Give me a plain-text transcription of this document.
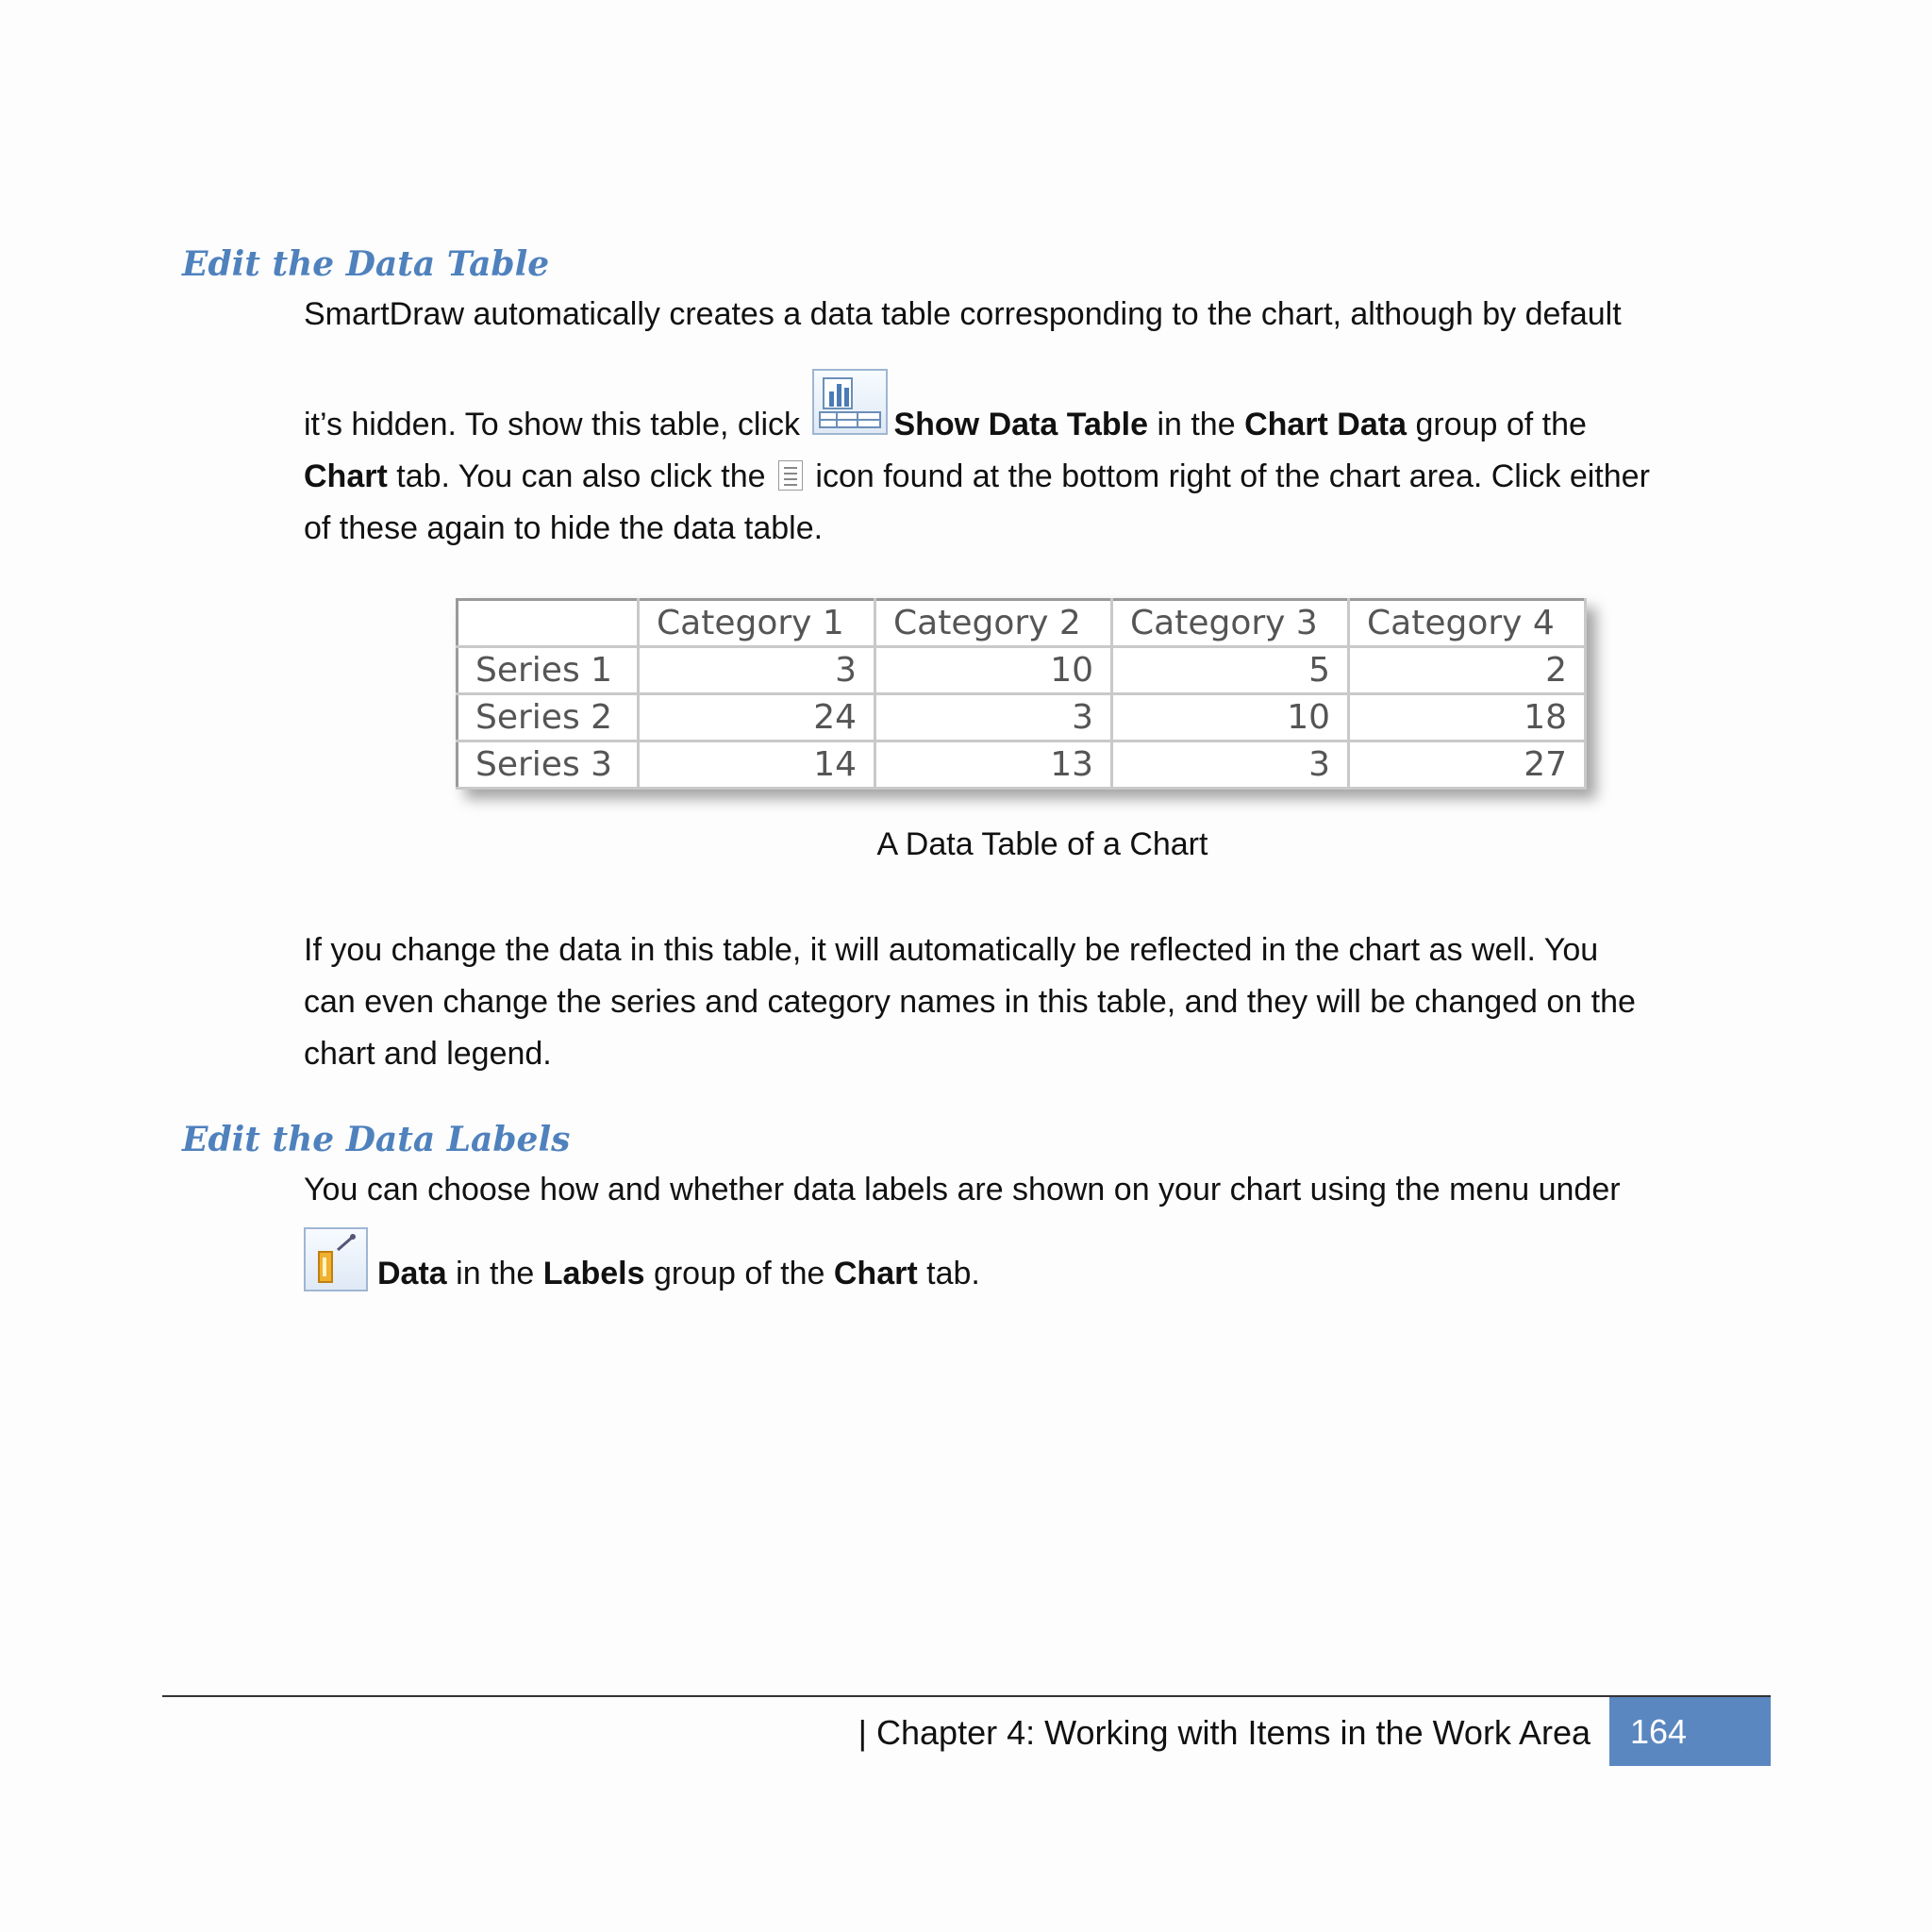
Edit the Data Table
SmartDraw automatically creates a data table corresponding to the chart, although by default
it’s hidden. To show this table, click	Show Data Table in the Chart Data group of the
Chart tab. You can also click the
icon found at the bottom right of the chart area. Click either
of these again to hide the data table.
	Category 1	Category 2	Category 3	Category 4
Series 1	3	10	5	2
Series 2	24	3	10	18
Series 3	14	13	3	27

A Data Table of a Chart

If you change the data in this table, it will automatically be reflected in the chart as well. You
can even change the series and category names in this table, and they will be changed on the
chart and legend.
Edit the Data Labels
You can choose how and whether data labels are shown on your chart using the menu under
Data in the Labels group of the Chart tab.
| Chapter 4: Working with Items in the Work Area	164
